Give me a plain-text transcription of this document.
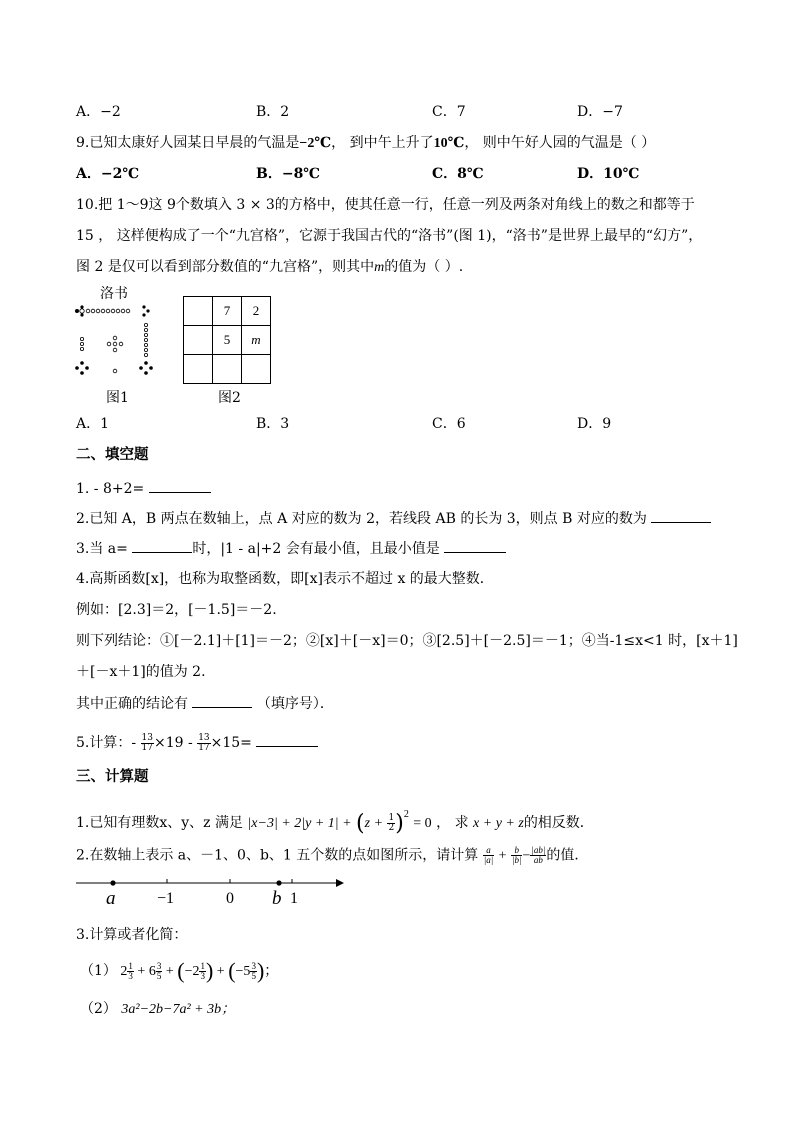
A．−2	B．2	C．7	D．−7
9.已知太康好人园某日早晨的气温是−2℃， 到中午上升了10℃， 则中午好人园的气温是（ ）
A．−2℃	B．−8℃	C．8℃	D．10℃
10.把 1～9这 9个数填入 3 × 3的方格中，使其任意一行，任意一列及两条对角线上的数之和都等于
15 ， 这样便构成了一个“九宫格”，它源于我国古代的“洛书”(图 1)，“洛书”是世界上最早的“幻方”，
图 2 是仅可以看到部分数值的“九宫格”，则其中m的值为（ ）.
洛书
图1
	7	2
	5	m

图2
A．1	B．3	C．6	D．9
二、填空题
1. - 8+2=
2.已知 A，B 两点在数轴上，点 A 对应的数为 2，若线段 AB 的长为 3，则点 B 对应的数为
3.当 a=	时，|1 - a|+2 会有最小值，且最小值是
4.高斯函数[x]，也称为取整函数，即[x]表示不超过 x 的最大整数．
例如：[2.3]＝2，[－1.5]＝－2.
则下列结论：①[－2.1]＋[1]＝－2；②[x]＋[－x]＝0；③[2.5]＋[－2.5]＝－1；④当-1≤x<1 时，[x＋1]
＋[－x＋1]的值为 2.
其中正确的结论有	（填序号）．
5.计算：- $\frac{13}{17} \times 19 - \frac{13}{17} \times 15=$
三、计算题
1.已知有理数x、y、z 满足 $|x-3| + 2|y + 1| + (z + \frac{1}{2} )^2 = 0$ ， 求 x + y + z的相反数．
2.在数轴上表示 a、－1、0、b、1 五个数的点如图所示，请计算 $\frac{a}{|a|} + \frac{b}{|b|} - \frac{|ab|}{ab}$ 的值．
a	−1	0 b 1
3.计算或者化简：
（1） $2 \frac{1}{3} + 6 \frac{3}{5} + (-2 \frac{1}{3}$ ) + ($-5 \frac{3}{5}$ )；
（2） 3a²−2b−7a² + 3b；
